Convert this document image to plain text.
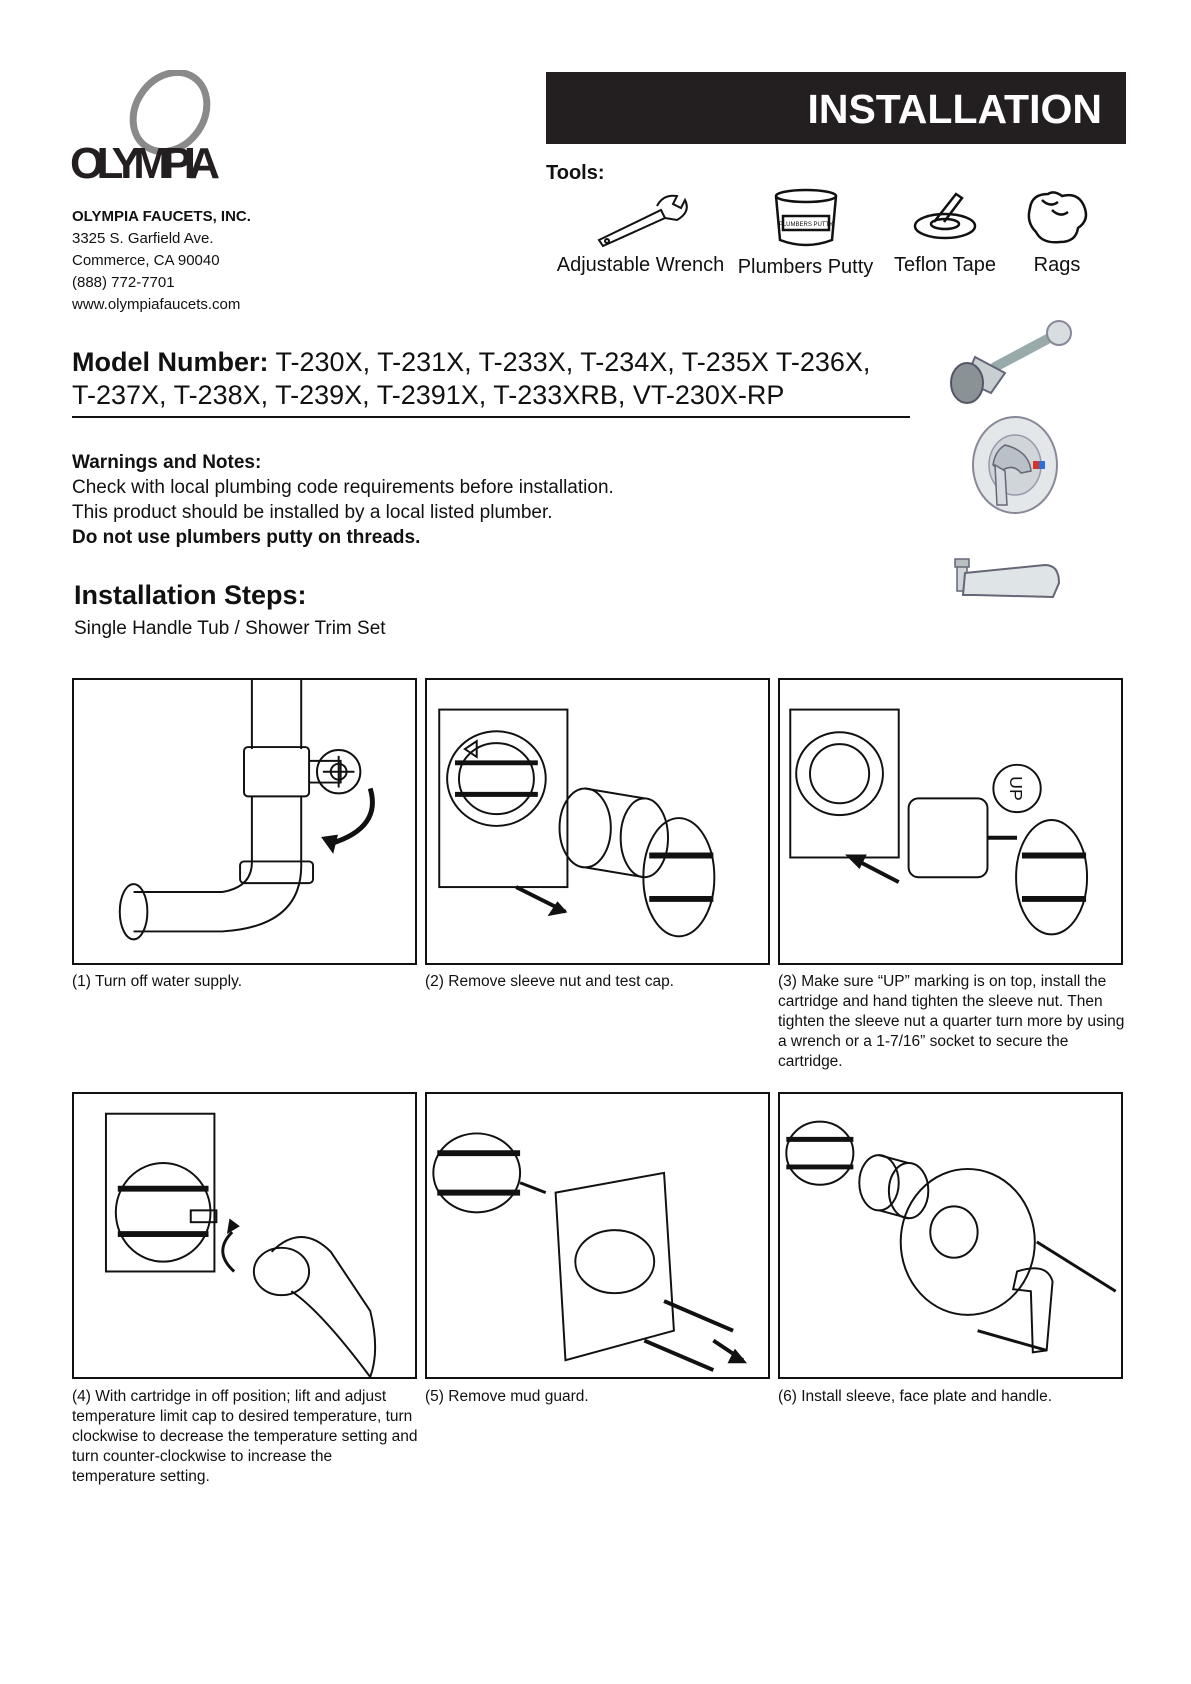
OLYMPIA
OLYMPIA FAUCETS, INC.
3325 S. Garfield Ave.
Commerce, CA 90040
(888) 772-7701
www.olympiafaucets.com
INSTALLATION
Tools:
Adjustable Wrench
PLUMBERS PUTTY
Plumbers Putty	Teflon Tape	Rags
Model Number: T-230X, T-231X, T-233X, T-234X, T-235X T-236X,
T-237X, T-238X, T-239X, T-2391X, T-233XRB, VT-230X-RP
Warnings and Notes:
Check with local plumbing code requirements before installation.
This product should be installed by a local listed plumber.
Do not use plumbers putty on threads.
Installation Steps:
Single Handle Tub / Shower Trim Set
(1) Turn off water supply.	(2) Remove sleeve nut and test cap.
UP
(3) Make sure “UP” marking is on top, install the cartridge and hand tighten the sleeve nut. Then tighten the sleeve nut a quarter turn more by using a wrench or a 1-7/16” socket to secure the cartridge.
(4) With cartridge in off position; lift and adjust temperature limit cap to desired temperature, turn clockwise to decrease the temperature setting and turn counter-clockwise to increase the temperature setting.
(5) Remove mud guard.	(6) Install sleeve, face plate and handle.
